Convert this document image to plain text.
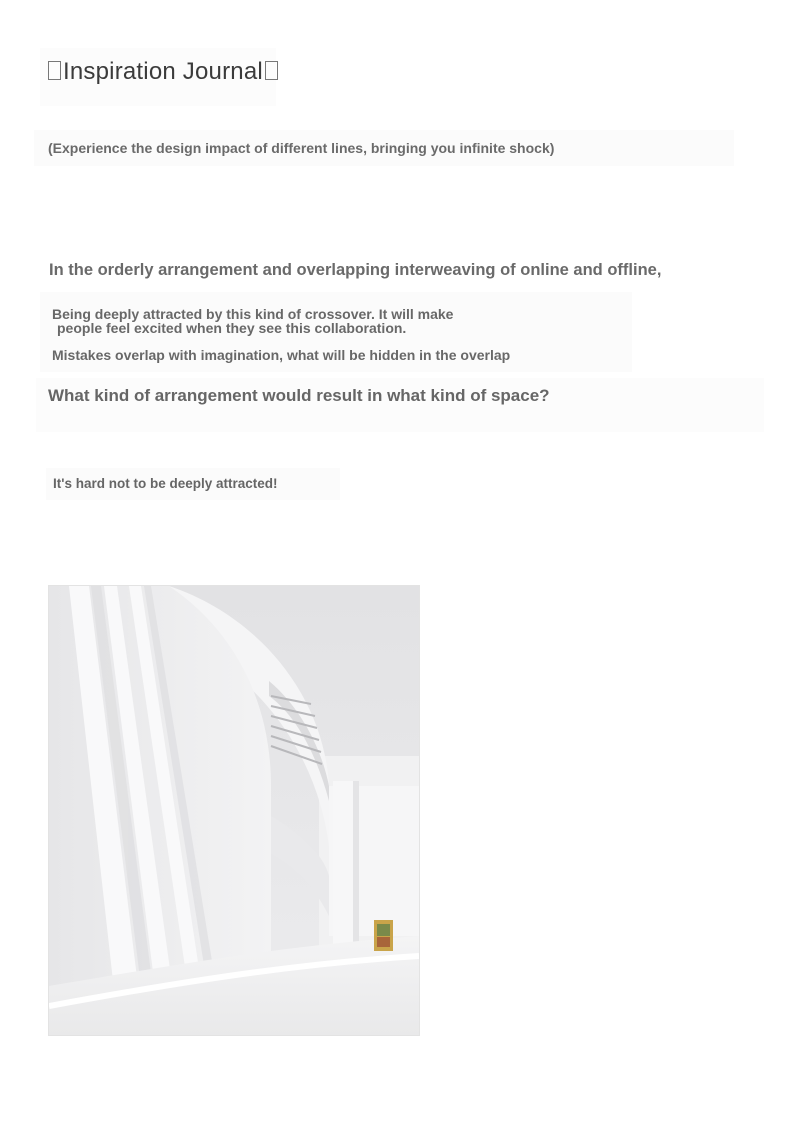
Inspiration Journal
(Experience the design impact of different lines, bringing you infinite shock)
In the orderly arrangement and overlapping interweaving of online and offline,
Being deeply attracted by this kind of crossover. It will make
people feel excited when they see this collaboration.
Mistakes overlap with imagination, what will be hidden in the overlap
What kind of arrangement would result in what kind of space?
It's hard not to be deeply attracted!
